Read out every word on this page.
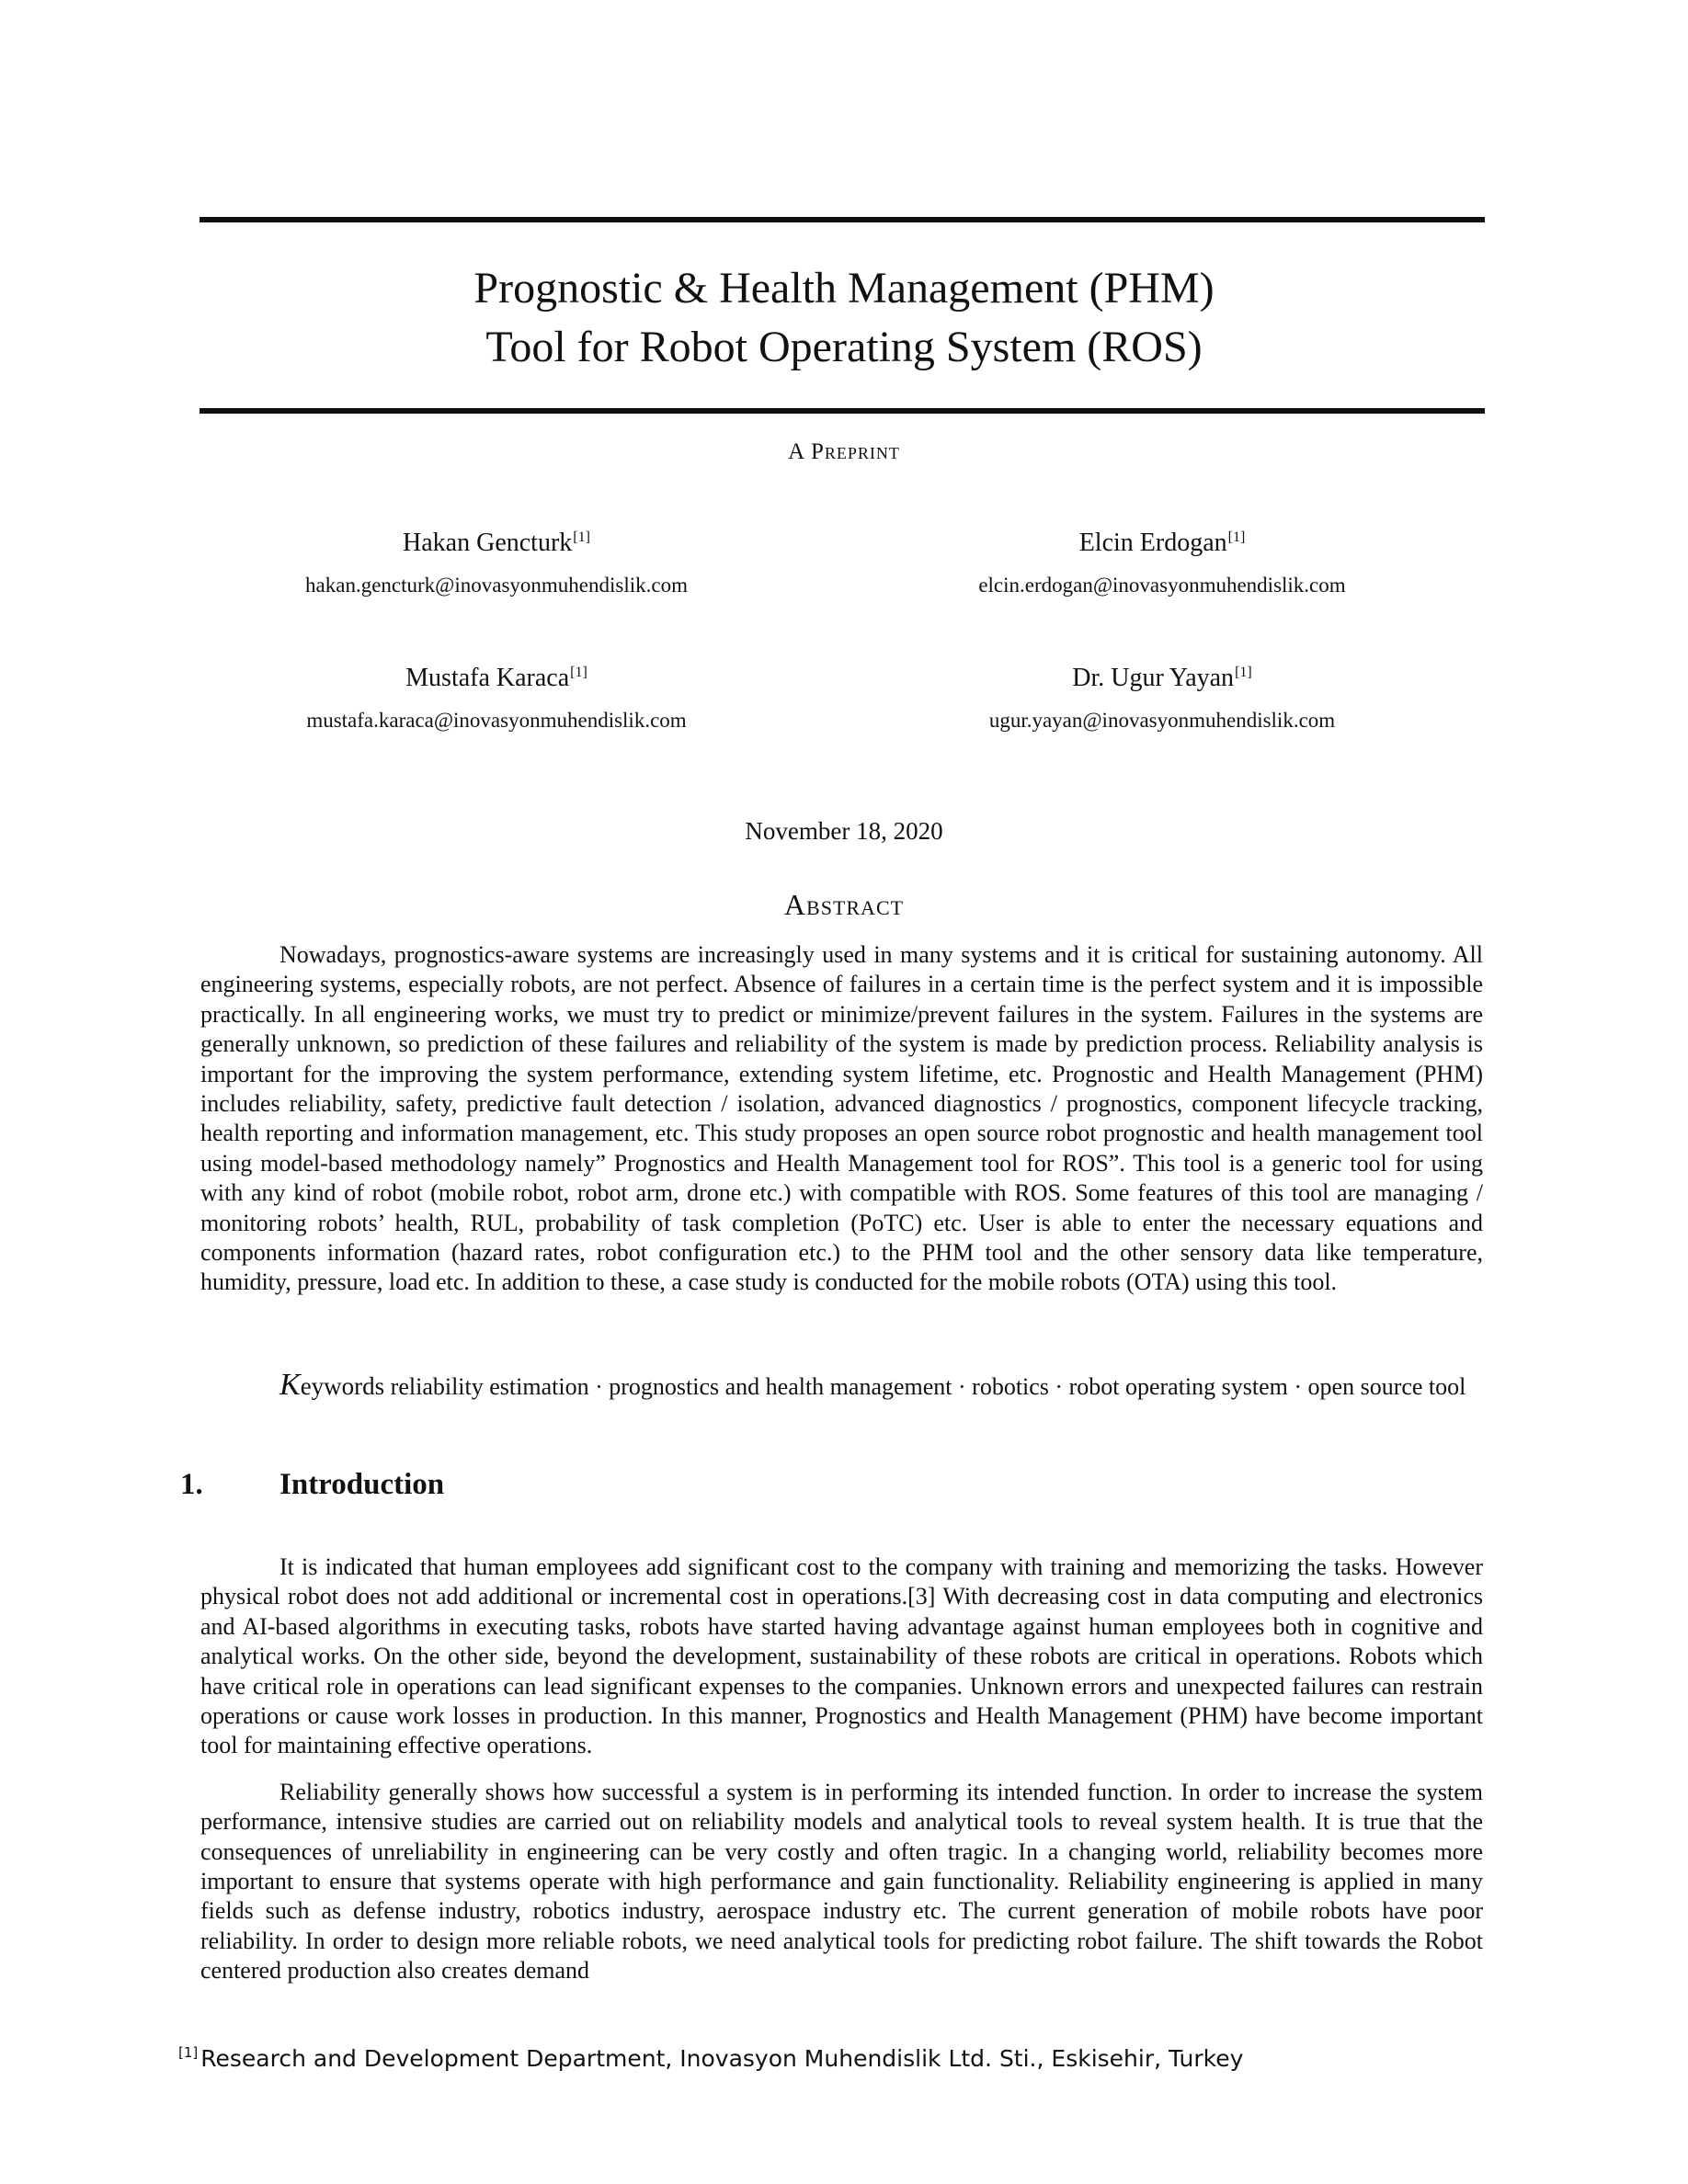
Prognostic & Health Management (PHM)
Tool for Robot Operating System (ROS)
A Preprint
Hakan Gencturk[1]
hakan.gencturk@inovasyonmuhendislik.com
Elcin Erdogan[1]
elcin.erdogan@inovasyonmuhendislik.com
Mustafa Karaca[1]
mustafa.karaca@inovasyonmuhendislik.com
Dr. Ugur Yayan[1]
ugur.yayan@inovasyonmuhendislik.com
November 18, 2020
Abstract

Nowadays, prognostics-aware systems are increasingly used in many systems and it is critical for sustaining autonomy. All engineering systems, especially robots, are not perfect. Absence of failures in a certain time is the perfect system and it is impossible practically. In all engineering works, we must try to predict or minimize/prevent failures in the system. Failures in the systems are generally unknown, so prediction of these failures and reliability of the system is made by prediction process. Reliability analysis is important for the improving the system performance, extending system lifetime, etc. Prognostic and Health Management (PHM) includes reliability, safety, predictive fault detection / isolation, advanced diagnostics / prognostics, component lifecycle tracking, health reporting and information management, etc. This study proposes an open source robot prognostic and health management tool using model-based methodology namely” Prognostics and Health Management tool for ROS”. This tool is a generic tool for using with any kind of robot (mobile robot, robot arm, drone etc.) with compatible with ROS. Some features of this tool are managing / monitoring robots’ health, RUL, probability of task completion (PoTC) etc. User is able to enter the necessary equations and components information (hazard rates, robot configuration etc.) to the PHM tool and the other sensory data like temperature, humidity, pressure, load etc. In addition to these, a case study is conducted for the mobile robots (OTA) using this tool.

Keywords reliability estimation · prognostics and health management · robotics · robot operating system · open source tool
1.	Introduction

It is indicated that human employees add significant cost to the company with training and memorizing the tasks. However physical robot does not add additional or incremental cost in operations.[3] With decreasing cost in data computing and electronics and AI-based algorithms in executing tasks, robots have started having advantage against human employees both in cognitive and analytical works. On the other side, beyond the development, sustainability of these robots are critical in operations. Robots which have critical role in operations can lead significant expenses to the companies. Unknown errors and unexpected failures can restrain operations or cause work losses in production. In this manner, Prognostics and Health Management (PHM) have become important tool for maintaining effective operations.

Reliability generally shows how successful a system is in performing its intended function. In order to increase the system performance, intensive studies are carried out on reliability models and analytical tools to reveal system health. It is true that the consequences of unreliability in engineering can be very costly and often tragic. In a changing world, reliability becomes more important to ensure that systems operate with high performance and gain functionality. Reliability engineering is applied in many fields such as defense industry, robotics industry, aerospace industry etc. The current generation of mobile robots have poor reliability. In order to design more reliable robots, we need analytical tools for predicting robot failure. The shift towards the Robot centered production also creates demand

[1] Research and Development Department, Inovasyon Muhendislik Ltd. Sti., Eskisehir, Turkey
